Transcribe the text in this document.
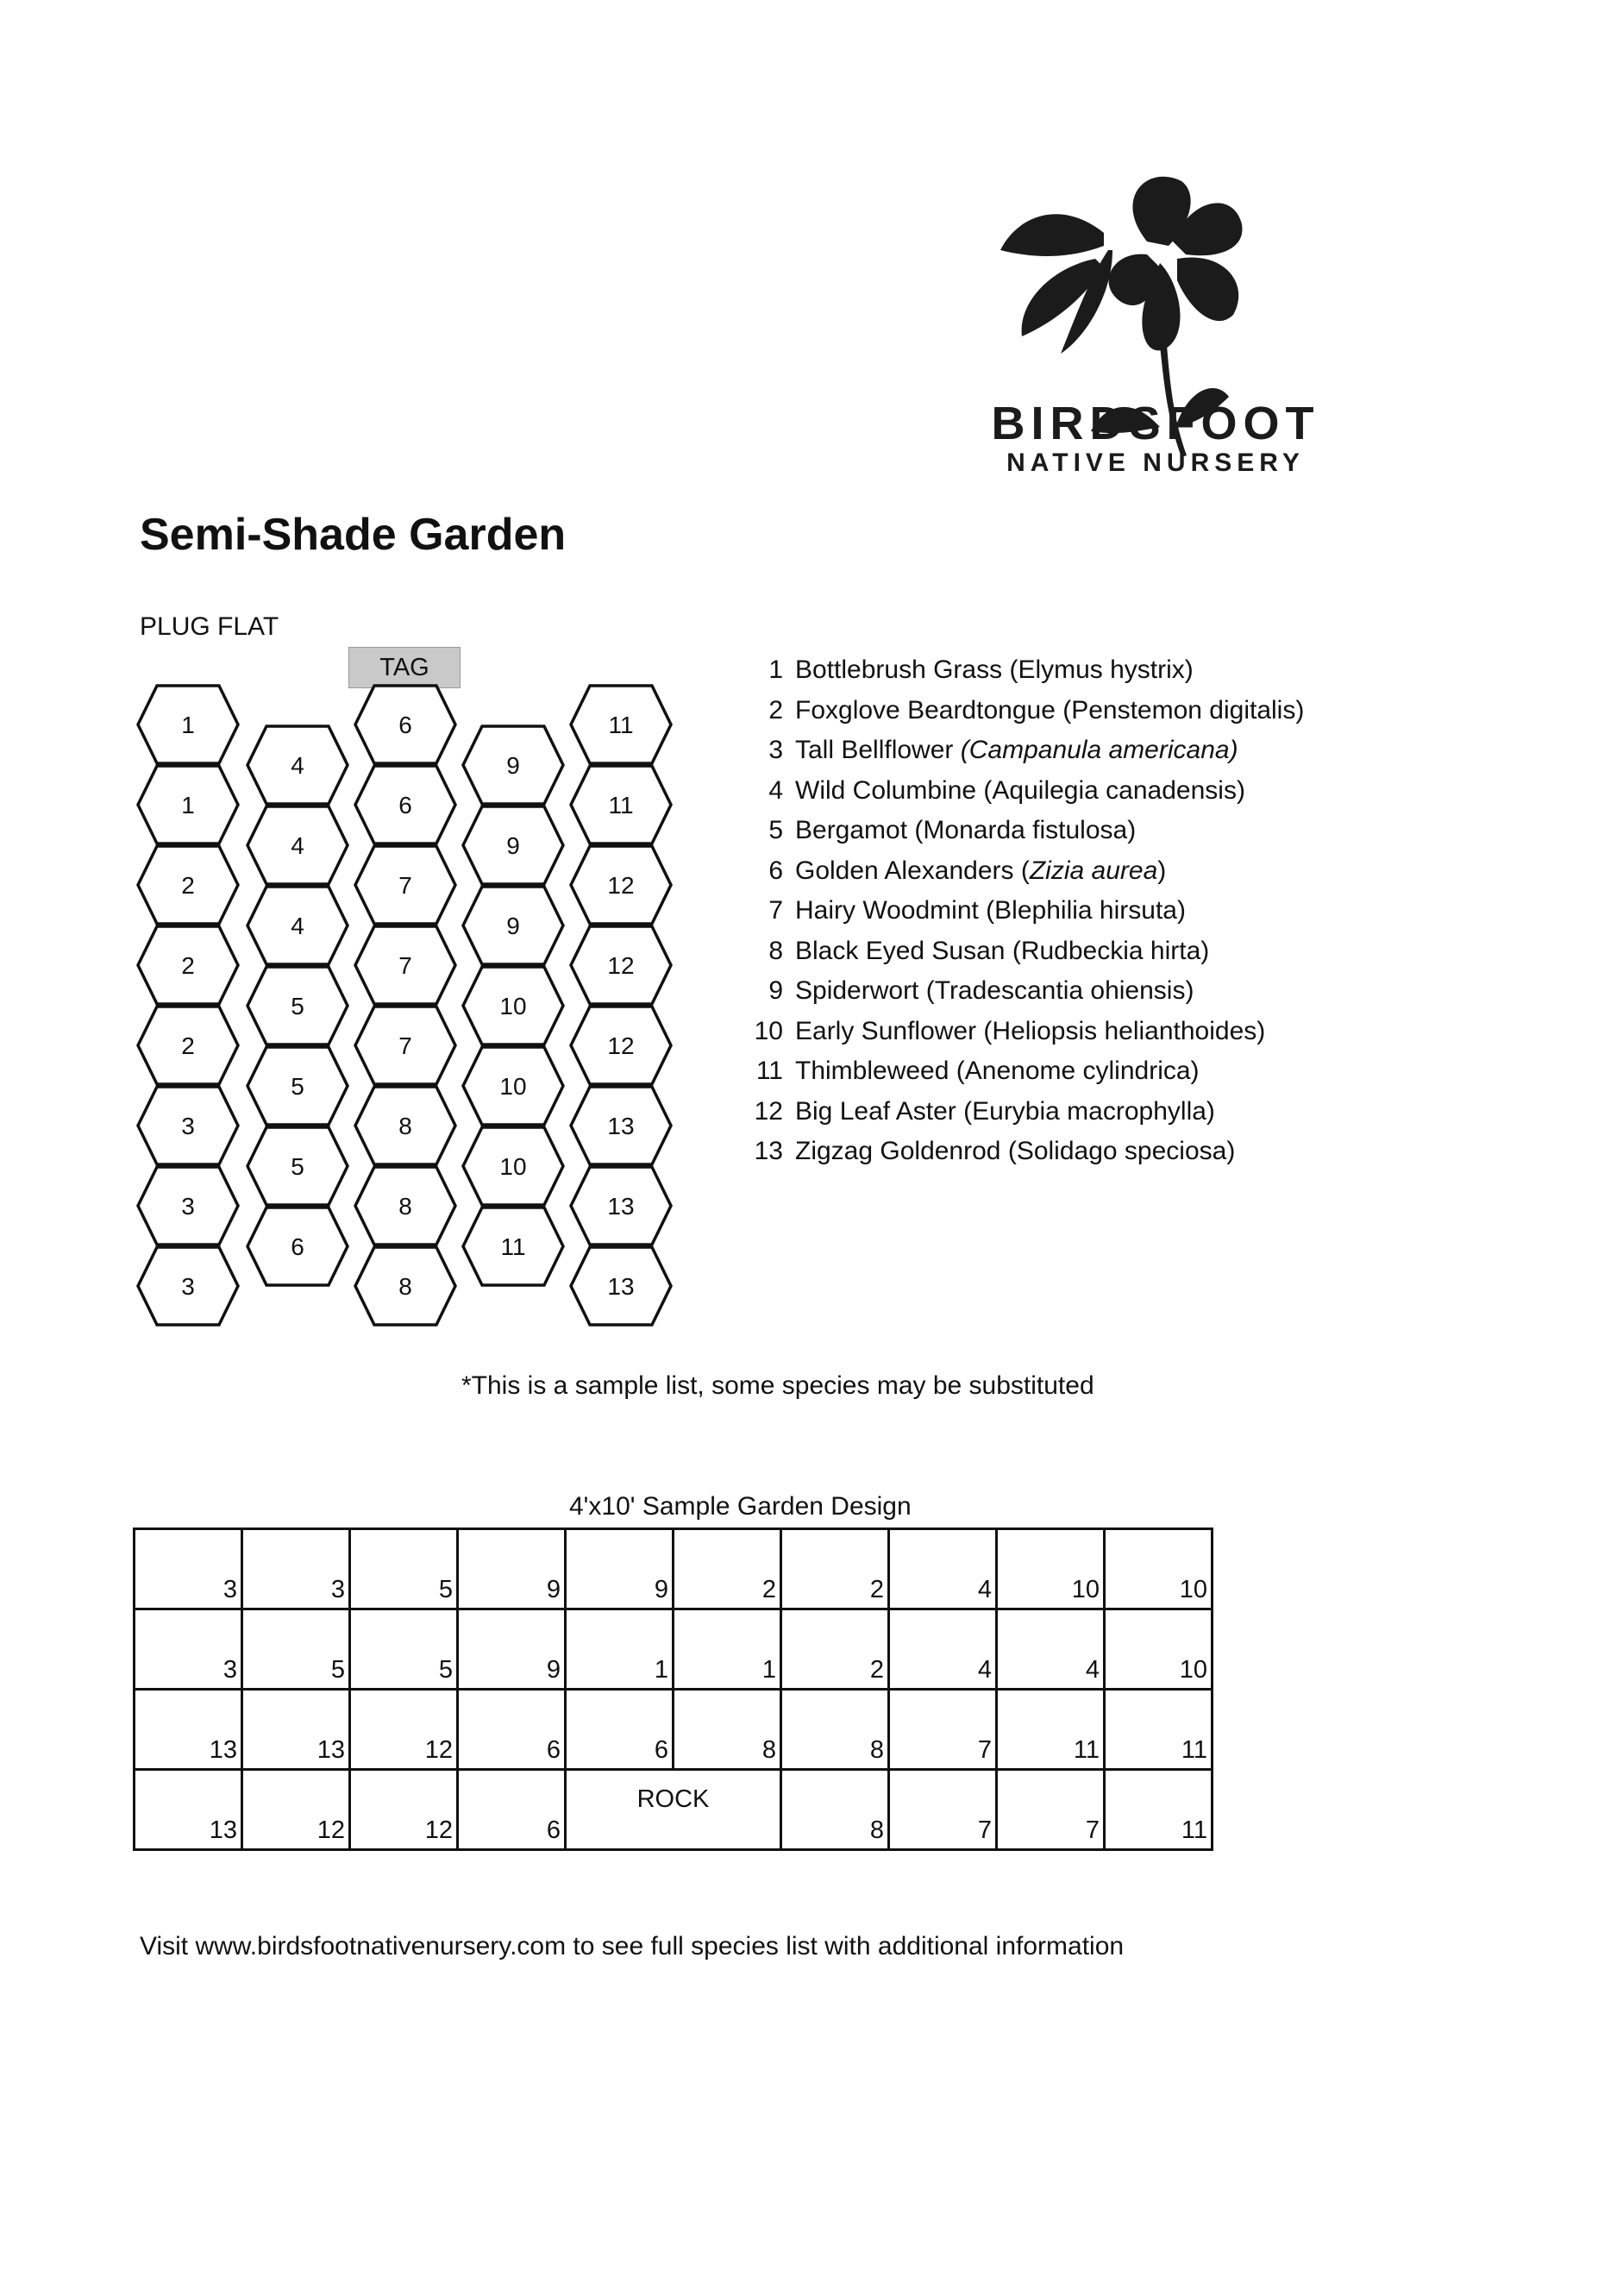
BIRDSFOOT
NATIVE NURSERY
Semi-Shade Garden
PLUG FLAT
TAG
1
1
2
2
2
3
3
3
4
4
4
5
5
5
6
6
6
7
7
7
8
8
8
9
9
9
10
10
10
11
11
11
12
12
12
13
13
13
1 Bottlebrush Grass (Elymus hystrix)
2 Foxglove Beardtongue (Penstemon digitalis)
3 Tall Bellflower (Campanula americana)
4 Wild Columbine (Aquilegia canadensis)
5 Bergamot (Monarda fistulosa)
6 Golden Alexanders (Zizia aurea)
7 Hairy Woodmint (Blephilia hirsuta)
8 Black Eyed Susan (Rudbeckia hirta)
9 Spiderwort (Tradescantia ohiensis)
10 Early Sunflower (Heliopsis helianthoides)
11 Thimbleweed (Anenome cylindrica)
12 Big Leaf Aster (Eurybia macrophylla)
13 Zigzag Goldenrod (Solidago speciosa)
*This is a sample list, some species may be substituted
4'x10' Sample Garden Design
3	3	5	9	9	2	2	4	10	10
3	5	5	9	1	1	2	4	4	10
13	13	12	6	6	8	8	7	11	11
13	12	12	6	ROCK		8	7	7	11
Visit www.birdsfootnativenursery.com to see full species list with additional information
